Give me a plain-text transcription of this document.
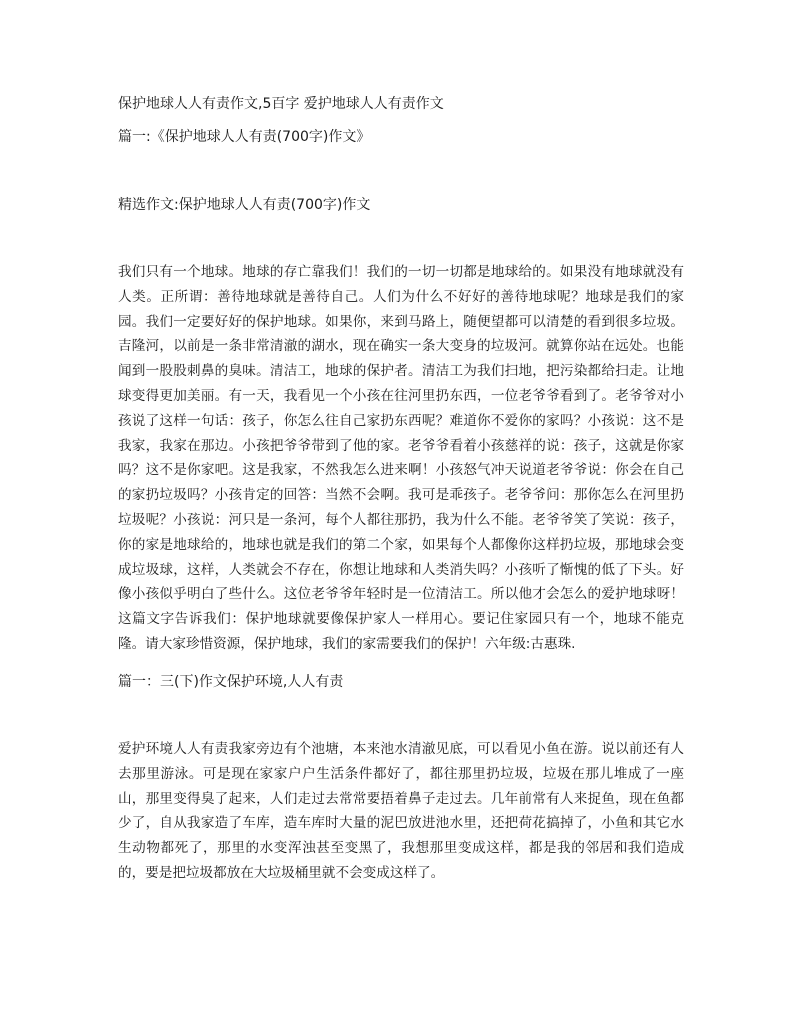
保护地球人人有责作文,5百字 爱护地球人人有责作文
篇一:《保护地球人人有责(700字)作文》
精选作文:保护地球人人有责(700字)作文

我们只有一个地球。地球的存亡靠我们！我们的一切一切都是地球给的。如果没有地球就没有人类。正所谓：善待地球就是善待自己。人们为什么不好好的善待地球呢？地球是我们的家园。我们一定要好好的保护地球。如果你，来到马路上，随便望都可以清楚的看到很多垃圾。吉隆河，以前是一条非常清澈的湖水，现在确实一条大变身的垃圾河。就算你站在远处。也能闻到一股股刺鼻的臭味。清洁工，地球的保护者。清洁工为我们扫地，把污染都给扫走。让地球变得更加美丽。有一天，我看见一个小孩在往河里扔东西，一位老爷爷看到了。老爷爷对小孩说了这样一句话：孩子，你怎么往自己家扔东西呢？难道你不爱你的家吗？小孩说：这不是我家，我家在那边。小孩把爷爷带到了他的家。老爷爷看着小孩慈祥的说：孩子，这就是你家吗？这不是你家吧。这是我家，不然我怎么进来啊！小孩怒气冲天说道老爷爷说：你会在自己的家扔垃圾吗？小孩肯定的回答：当然不会啊。我可是乖孩子。老爷爷问：那你怎么在河里扔垃圾呢？小孩说：河只是一条河，每个人都往那扔，我为什么不能。老爷爷笑了笑说：孩子，你的家是地球给的，地球也就是我们的第二个家，如果每个人都像你这样扔垃圾，那地球会变成垃圾球，这样，人类就会不存在，你想让地球和人类消失吗？小孩听了惭愧的低了下头。好像小孩似乎明白了些什么。这位老爷爷年轻时是一位清洁工。所以他才会怎么的爱护地球呀！这篇文字告诉我们：保护地球就要像保护家人一样用心。要记住家园只有一个，地球不能克隆。请大家珍惜资源，保护地球，我们的家需要我们的保护！六年级:古惠珠.

篇一：三(下)作文保护环境,人人有责

爱护环境人人有责我家旁边有个池塘，本来池水清澈见底，可以看见小鱼在游。说以前还有人去那里游泳。可是现在家家户户生活条件都好了，都往那里扔垃圾，垃圾在那儿堆成了一座山，那里变得臭了起来，人们走过去常常要捂着鼻子走过去。几年前常有人来捉鱼，现在鱼都少了，自从我家造了车库，造车库时大量的泥巴放进池水里，还把荷花搞掉了，小鱼和其它水生动物都死了，那里的水变浑浊甚至变黑了，我想那里变成这样，都是我的邻居和我们造成的，要是把垃圾都放在大垃圾桶里就不会变成这样了。
